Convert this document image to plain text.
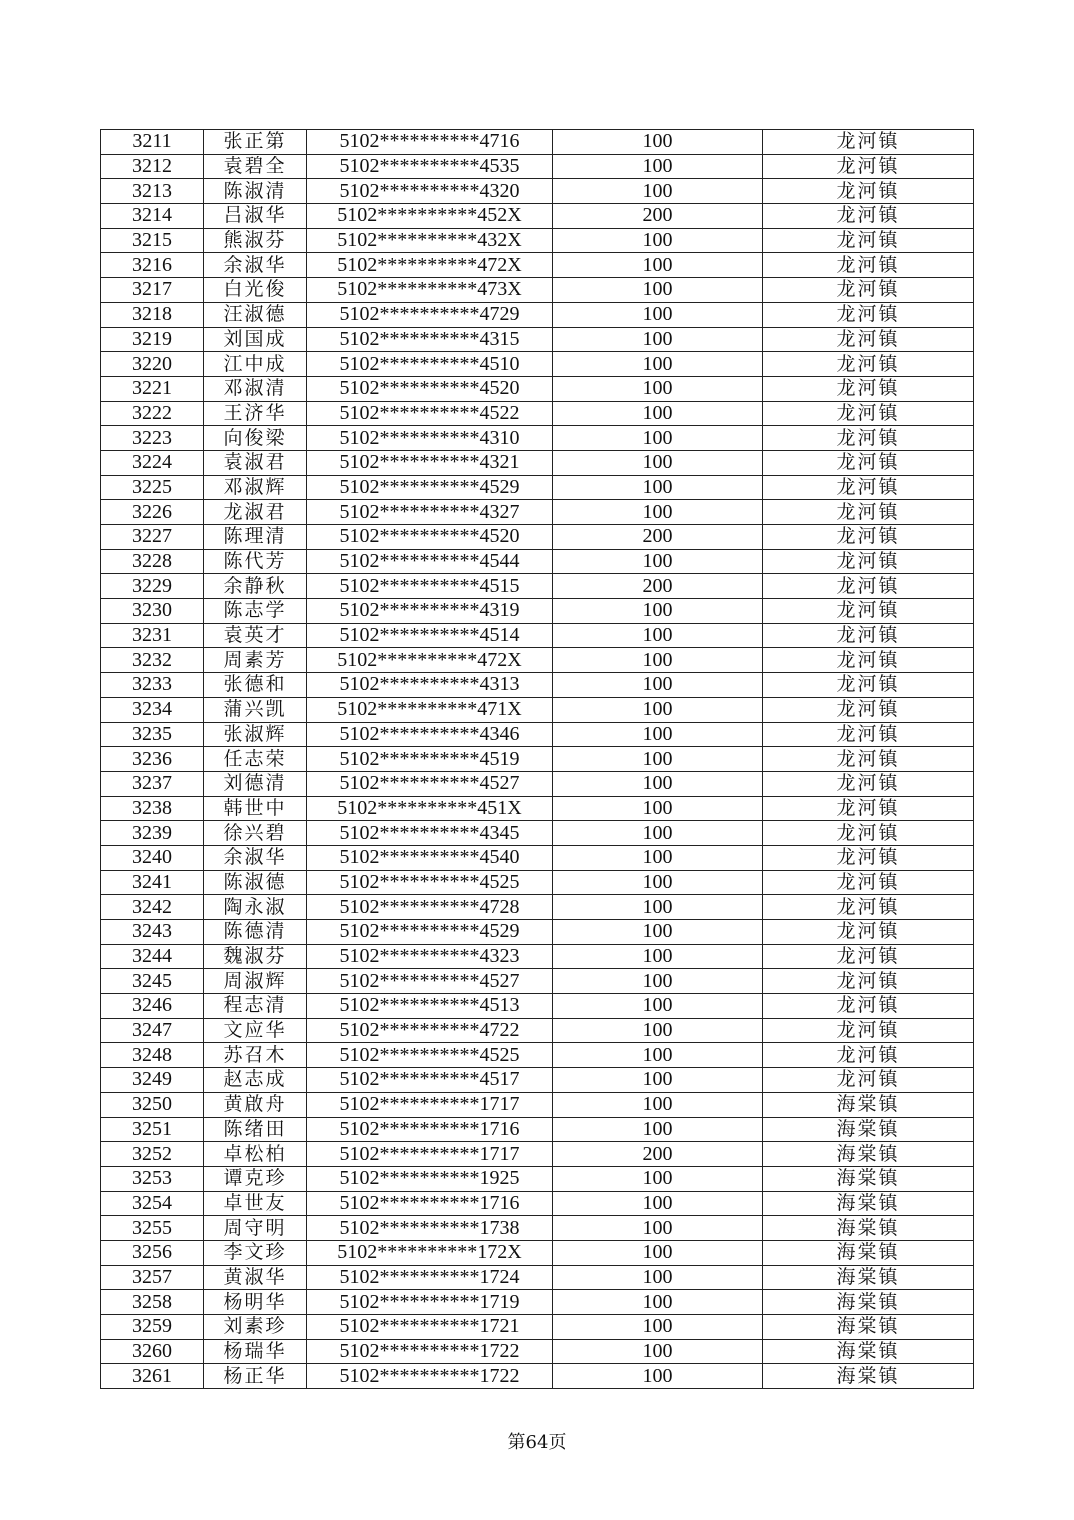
3211	张正第	5102**********4716	100	龙河镇
3212	袁碧全	5102**********4535	100	龙河镇
3213	陈淑清	5102**********4320	100	龙河镇
3214	吕淑华	5102**********452X	200	龙河镇
3215	熊淑芬	5102**********432X	100	龙河镇
3216	余淑华	5102**********472X	100	龙河镇
3217	白光俊	5102**********473X	100	龙河镇
3218	汪淑德	5102**********4729	100	龙河镇
3219	刘国成	5102**********4315	100	龙河镇
3220	江中成	5102**********4510	100	龙河镇
3221	邓淑清	5102**********4520	100	龙河镇
3222	王济华	5102**********4522	100	龙河镇
3223	向俊梁	5102**********4310	100	龙河镇
3224	袁淑君	5102**********4321	100	龙河镇
3225	邓淑辉	5102**********4529	100	龙河镇
3226	龙淑君	5102**********4327	100	龙河镇
3227	陈理清	5102**********4520	200	龙河镇
3228	陈代芳	5102**********4544	100	龙河镇
3229	余静秋	5102**********4515	200	龙河镇
3230	陈志学	5102**********4319	100	龙河镇
3231	袁英才	5102**********4514	100	龙河镇
3232	周素芳	5102**********472X	100	龙河镇
3233	张德和	5102**********4313	100	龙河镇
3234	蒲兴凯	5102**********471X	100	龙河镇
3235	张淑辉	5102**********4346	100	龙河镇
3236	任志荣	5102**********4519	100	龙河镇
3237	刘德清	5102**********4527	100	龙河镇
3238	韩世中	5102**********451X	100	龙河镇
3239	徐兴碧	5102**********4345	100	龙河镇
3240	余淑华	5102**********4540	100	龙河镇
3241	陈淑德	5102**********4525	100	龙河镇
3242	陶永淑	5102**********4728	100	龙河镇
3243	陈德清	5102**********4529	100	龙河镇
3244	魏淑芬	5102**********4323	100	龙河镇
3245	周淑辉	5102**********4527	100	龙河镇
3246	程志清	5102**********4513	100	龙河镇
3247	文应华	5102**********4722	100	龙河镇
3248	苏召木	5102**********4525	100	龙河镇
3249	赵志成	5102**********4517	100	龙河镇
3250	黄啟舟	5102**********1717	100	海棠镇
3251	陈绪田	5102**********1716	100	海棠镇
3252	卓松柏	5102**********1717	200	海棠镇
3253	谭克珍	5102**********1925	100	海棠镇
3254	卓世友	5102**********1716	100	海棠镇
3255	周守明	5102**********1738	100	海棠镇
3256	李文珍	5102**********172X	100	海棠镇
3257	黄淑华	5102**********1724	100	海棠镇
3258	杨明华	5102**********1719	100	海棠镇
3259	刘素珍	5102**********1721	100	海棠镇
3260	杨瑞华	5102**********1722	100	海棠镇
3261	杨正华	5102**********1722	100	海棠镇
第64页
